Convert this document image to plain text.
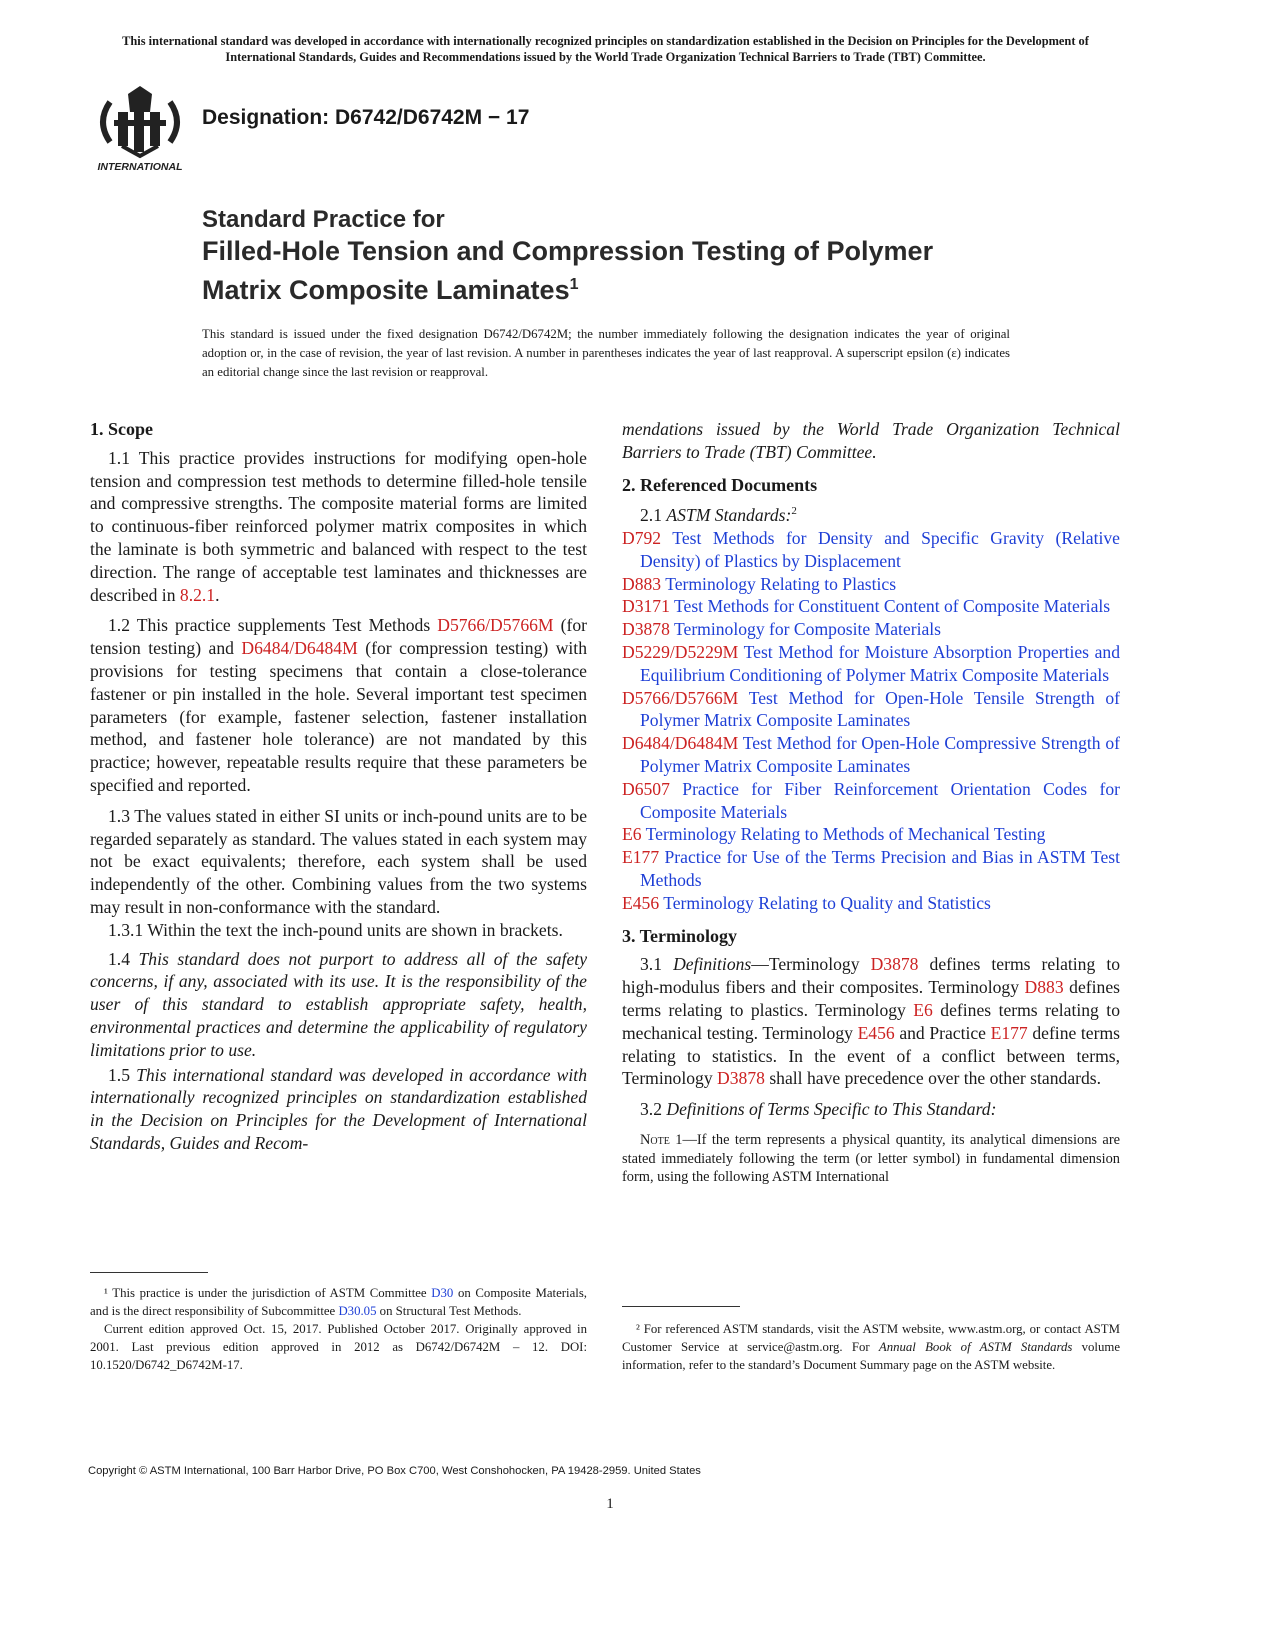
This international standard was developed in accordance with internationally recognized principles on standardization established in the Decision on Principles for the Development of International Standards, Guides and Recommendations issued by the World Trade Organization Technical Barriers to Trade (TBT) Committee.
INTERNATIONAL
Designation: D6742/D6742M − 17
Standard Practice for
Filled-Hole Tension and Compression Testing of Polymer
Matrix Composite Laminates$^1$
This standard is issued under the fixed designation D6742/D6742M; the number immediately following the designation indicates the year of original adoption or, in the case of revision, the year of last revision. A number in parentheses indicates the year of last reapproval. A superscript epsilon (ε) indicates an editorial change since the last revision or reapproval.

1. Scope

1.1 This practice provides instructions for modifying open-hole tension and compression test methods to determine filled-hole tensile and compressive strengths. The composite material forms are limited to continuous-fiber reinforced polymer matrix composites in which the laminate is both symmetric and balanced with respect to the test direction. The range of acceptable test laminates and thicknesses are described in 8.2.1.

1.2 This practice supplements Test Methods D5766/D5766M (for tension testing) and D6484/D6484M (for compression testing) with provisions for testing specimens that contain a close-tolerance fastener or pin installed in the hole. Several important test specimen parameters (for example, fastener selection, fastener installation method, and fastener hole tolerance) are not mandated by this practice; however, repeatable results require that these parameters be specified and reported.

1.3 The values stated in either SI units or inch-pound units are to be regarded separately as standard. The values stated in each system may not be exact equivalents; therefore, each system shall be used independently of the other. Combining values from the two systems may result in non-conformance with the standard.

1.3.1 Within the text the inch-pound units are shown in brackets.

1.4 This standard does not purport to address all of the safety concerns, if any, associated with its use. It is the responsibility of the user of this standard to establish appropriate safety, health, environmental practices and determine the applicability of regulatory limitations prior to use.

1.5 This international standard was developed in accordance with internationally recognized principles on standardization established in the Decision on Principles for the Development of International Standards, Guides and Recom-

¹ This practice is under the jurisdiction of ASTM Committee D30 on Composite Materials, and is the direct responsibility of Subcommittee D30.05 on Structural Test Methods.
Current edition approved Oct. 15, 2017. Published October 2017. Originally approved in 2001. Last previous edition approved in 2012 as D6742/D6742M – 12. DOI: 10.1520/D6742_D6742M-17.

mendations issued by the World Trade Organization Technical Barriers to Trade (TBT) Committee.

2. Referenced Documents

2.1 ASTM Standards:$^2$

D792 Test Methods for Density and Specific Gravity (Relative Density) of Plastics by Displacement

D883 Terminology Relating to Plastics

D3171 Test Methods for Constituent Content of Composite Materials

D3878 Terminology for Composite Materials

D5229/D5229M Test Method for Moisture Absorption Properties and Equilibrium Conditioning of Polymer Matrix Composite Materials

D5766/D5766M Test Method for Open-Hole Tensile Strength of Polymer Matrix Composite Laminates

D6484/D6484M Test Method for Open-Hole Compressive Strength of Polymer Matrix Composite Laminates

D6507 Practice for Fiber Reinforcement Orientation Codes for Composite Materials

E6 Terminology Relating to Methods of Mechanical Testing

E177 Practice for Use of the Terms Precision and Bias in ASTM Test Methods

E456 Terminology Relating to Quality and Statistics

3. Terminology

3.1 Definitions—Terminology D3878 defines terms relating to high-modulus fibers and their composites. Terminology D883 defines terms relating to plastics. Terminology E6 defines terms relating to mechanical testing. Terminology E456 and Practice E177 define terms relating to statistics. In the event of a conflict between terms, Terminology D3878 shall have precedence over the other standards.

3.2 Definitions of Terms Specific to This Standard:

Note 1—If the term represents a physical quantity, its analytical dimensions are stated immediately following the term (or letter symbol) in fundamental dimension form, using the following ASTM International

² For referenced ASTM standards, visit the ASTM website, www.astm.org, or contact ASTM Customer Service at service@astm.org. For Annual Book of ASTM Standards volume information, refer to the standard’s Document Summary page on the ASTM website.
Copyright © ASTM International, 100 Barr Harbor Drive, PO Box C700, West Conshohocken, PA 19428-2959. United States
1
